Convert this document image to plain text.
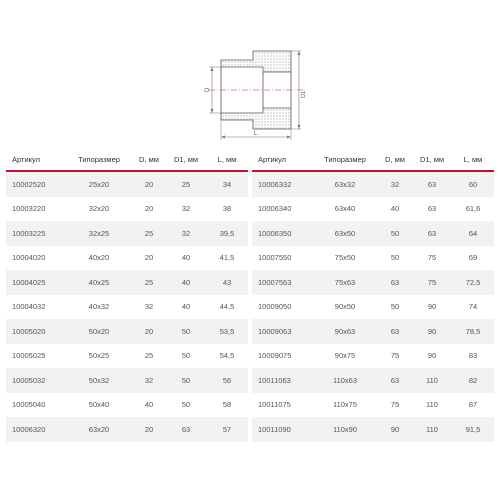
D
D1
L
Артикул	Типоразмер	D, мм	D1, мм	L, мм
10002520	25x20	20	25	34
10003220	32x20	20	32	38
10003225	32x25	25	32	39,5
10004020	40x20	20	40	41,5
10004025	40x25	25	40	43
10004032	40x32	32	40	44,5
10005020	50x20	20	50	53,5
10005025	50x25	25	50	54,5
10005032	50x32	32	50	56
10005040	50x40	40	50	58
10006320	63x20	20	63	57
Артикул	Типоразмер	D, мм	D1, мм	L, мм
10006332	63x32	32	63	60
10006340	63x40	40	63	61,6
10006350	63x50	50	63	64
10007550	75x50	50	75	69
10007563	75x63	63	75	72,5
10009050	90x50	50	90	74
10009063	90x63	63	90	78,5
10009075	90x75	75	90	83
10011063	110x63	63	110	82
10011075	110x75	75	110	87
10011090	110x90	90	110	91,5
